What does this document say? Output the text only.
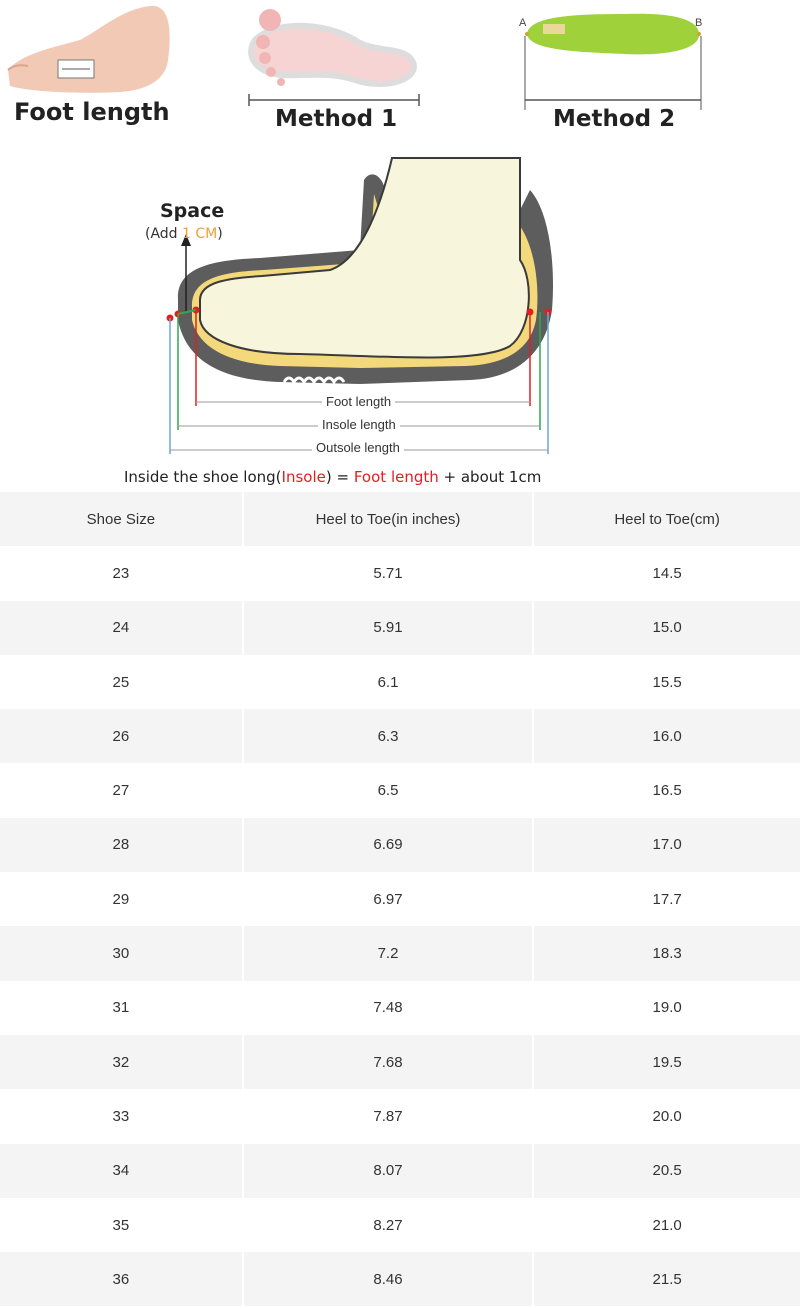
Foot length	Method 1
A	B
Method 2
Space
(Add 1 CM)
Foot length
Insole length
Outsole length
Inside the shoe long(Insole) = Foot length + about 1cm
Shoe Size	Heel to Toe(in inches)	Heel to Toe(cm)
23	5.71	14.5
24	5.91	15.0
25	6.1	15.5
26	6.3	16.0
27	6.5	16.5
28	6.69	17.0
29	6.97	17.7
30	7.2	18.3
31	7.48	19.0
32	7.68	19.5
33	7.87	20.0
34	8.07	20.5
35	8.27	21.0
36	8.46	21.5
